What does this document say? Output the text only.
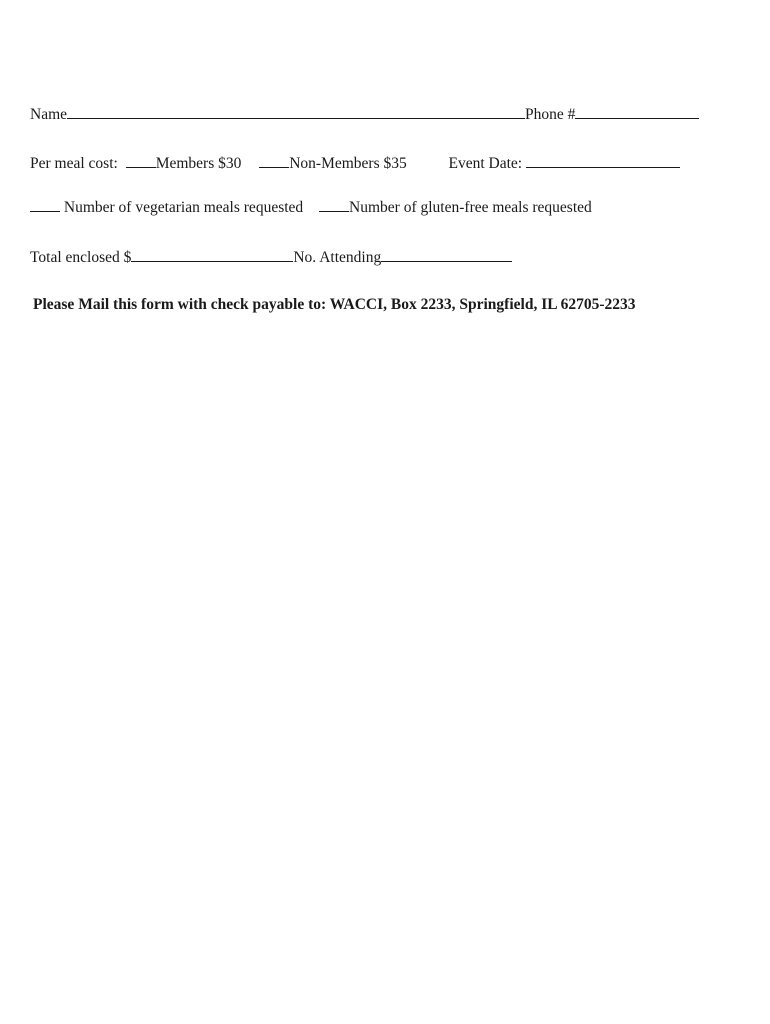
Name	Phone #
Per meal cost: Members $30	Non-Members $35	Event Date:
Number of vegetarian meals requested	Number of gluten-free meals requested
Total enclosed $	No. Attending
Please Mail this form with check payable to: WACCI, Box 2233, Springfield, IL 62705-2233
